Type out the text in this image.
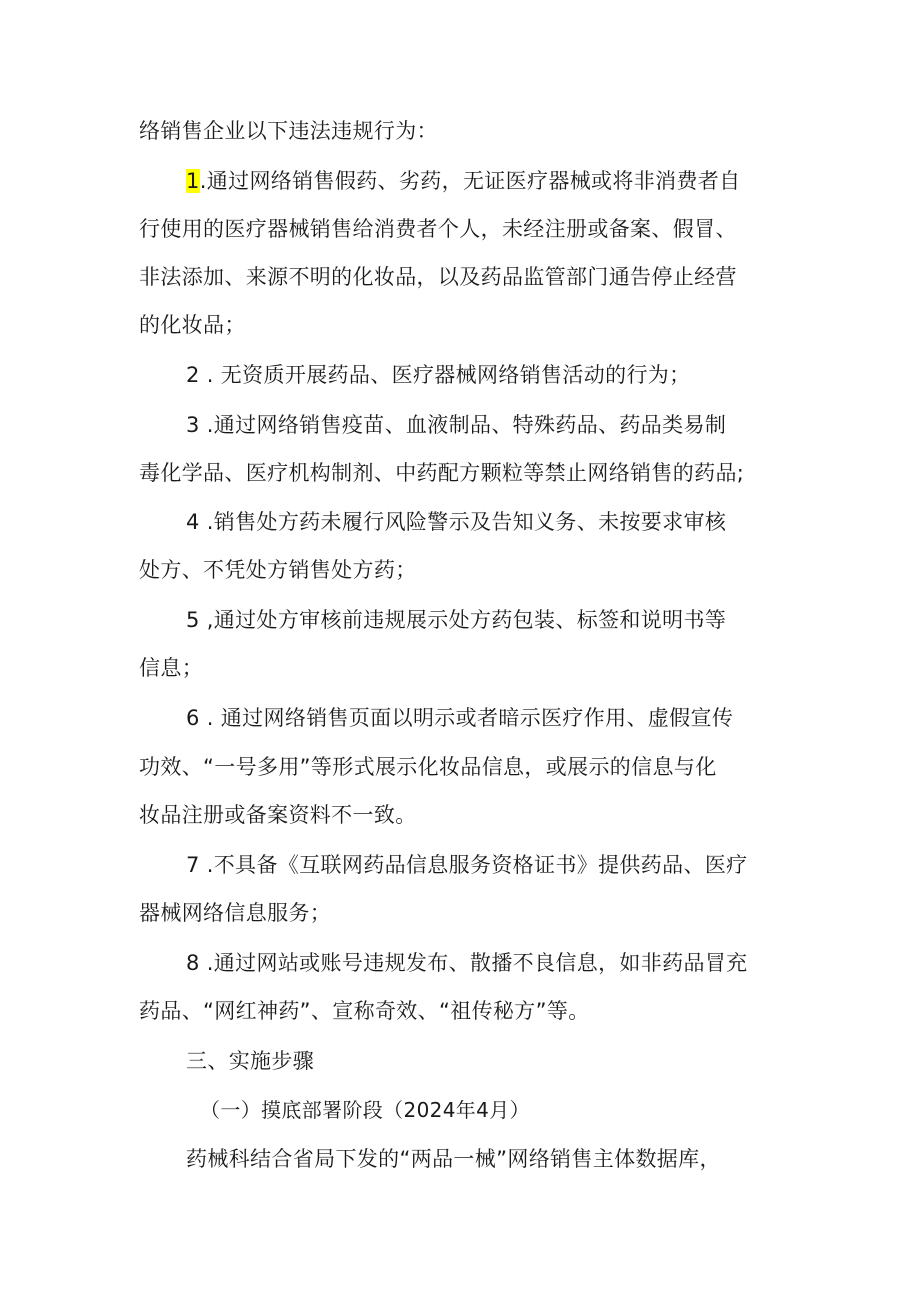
络销售企业以下违法违规行为：
1.通过网络销售假药、劣药，无证医疗器械或将非消费者自
行使用的医疗器械销售给消费者个人，未经注册或备案、假冒、
非法添加、来源不明的化妆品，以及药品监管部门通告停止经营
的化妆品；
2 . 无资质开展药品、医疗器械网络销售活动的行为；
3 .通过网络销售疫苗、血液制品、特殊药品、药品类易制
毒化学品、医疗机构制剂、中药配方颗粒等禁止网络销售的药品;
4 .销售处方药未履行风险警示及告知义务、未按要求审核
处方、不凭处方销售处方药；
5 ,通过处方审核前违规展示处方药包装、标签和说明书等
信息；
6 . 通过网络销售页面以明示或者暗示医疗作用、虚假宣传
功效、“一号多用”等形式展示化妆品信息，或展示的信息与化
妆品注册或备案资料不一致。
7 .不具备《互联网药品信息服务资格证书》提供药品、医疗
器械网络信息服务；
8 .通过网站或账号违规发布、散播不良信息，如非药品冒充
药品、“网红神药”、宣称奇效、“祖传秘方”等。
三、实施步骤
（一）摸底部署阶段（2024年4月）
药械科结合省局下发的“两品一械”网络销售主体数据库，
